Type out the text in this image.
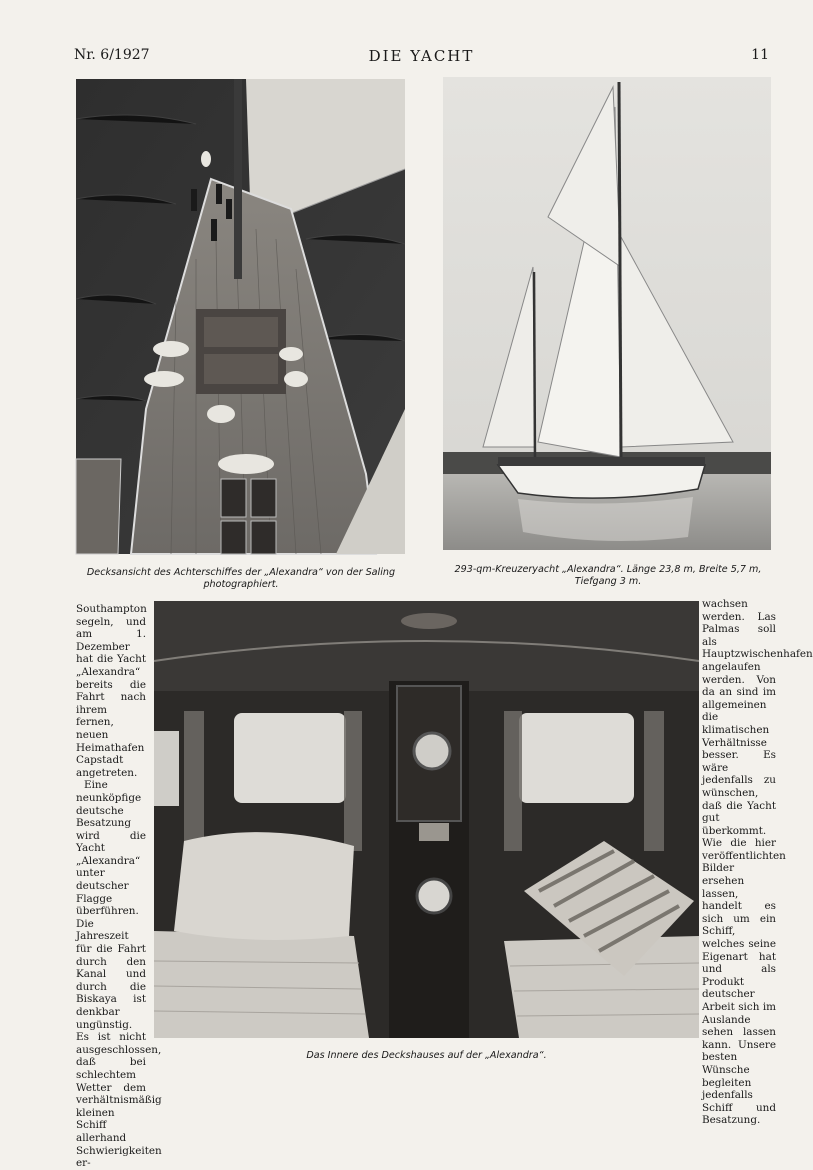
Nr. 6/1927	DIE YACHT	11
Decksansicht des Achterschiffes der „Alexandra“ von der Saling photographiert.
293-qm-Kreuzeryacht „Alexandra“. Länge 23,8 m, Breite 5,7 m, Tiefgang 3 m.
Das Innere des Deckshauses auf der „Alexandra“.

Southampton segeln, und am 1. Dezember hat die Yacht „Alexandra“ bereits die Fahrt nach ihrem fernen, neuen Heimathafen Capstadt angetreten.

Eine neunköpfige deutsche Besatzung wird die Yacht „Alexandra“ unter deutscher Flagge überführen. Die Jahreszeit für die Fahrt durch den Kanal und durch die Biskaya ist denkbar ungünstig. Es ist nicht ausgeschlossen, daß bei schlechtem Wetter dem verhältnismäßig kleinen Schiff allerhand Schwierigkeiten er-

wachsen werden. Las Palmas soll als Hauptzwischenhafen angelaufen werden. Von da an sind im allgemeinen die klimatischen Verhältnisse besser. Es wäre jedenfalls zu wünschen, daß die Yacht gut überkommt. Wie die hier veröffentlichten Bilder ersehen lassen, handelt es sich um ein Schiff, welches seine Eigenart hat und als Produkt deutscher Arbeit sich im Auslande sehen lassen kann. Unsere besten Wünsche begleiten jedenfalls Schiff und Besatzung.
